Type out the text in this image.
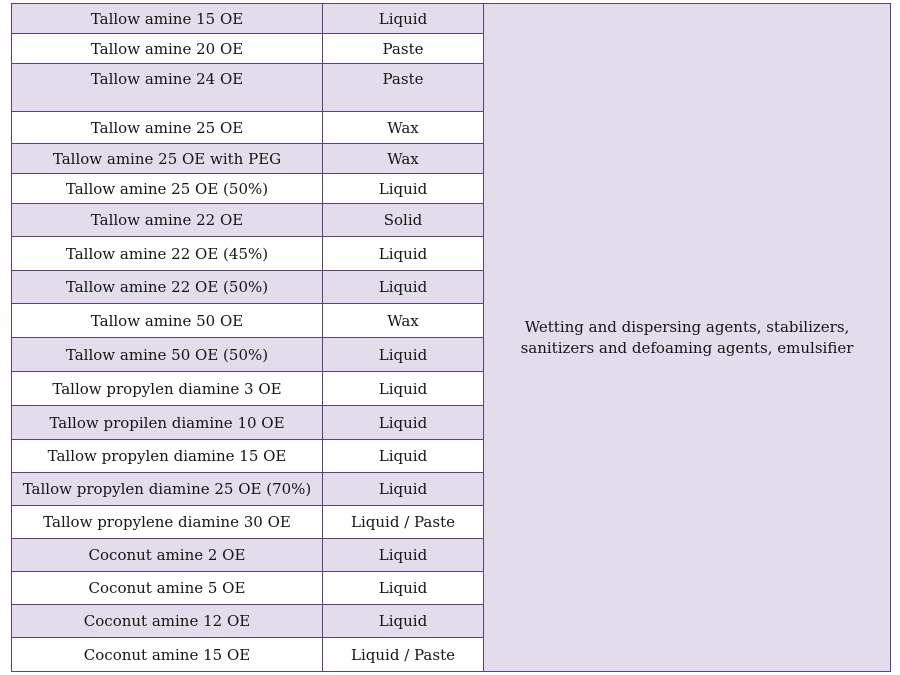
Tallow amine 15 OE	Liquid	Wetting and dispersing agents, stabilizers, sanitizers and defoaming agents, emulsifier
Tallow amine 20 OE	Paste	
Tallow amine 24 OE	Paste	
Tallow amine 25 OE	Wax	
Tallow amine 25 OE with PEG	Wax	
Tallow amine 25 OE (50%)	Liquid	
Tallow amine 22 OE	Solid	
Tallow amine 22 OE (45%)	Liquid	
Tallow amine 22 OE (50%)	Liquid	
Tallow amine 50 OE	Wax	
Tallow amine 50 OE (50%)	Liquid	
Tallow propylen diamine 3 OE	Liquid	
Tallow propilen diamine 10 OE	Liquid	
Tallow propylen diamine 15 OE	Liquid	
Tallow propylen diamine 25 OE (70%)	Liquid	
Tallow propylene diamine 30 OE	Liquid / Paste	
Coconut amine 2 OE	Liquid	
Coconut amine 5 OE	Liquid	
Coconut amine 12 OE	Liquid	
Coconut amine 15 OE	Liquid / Paste	
